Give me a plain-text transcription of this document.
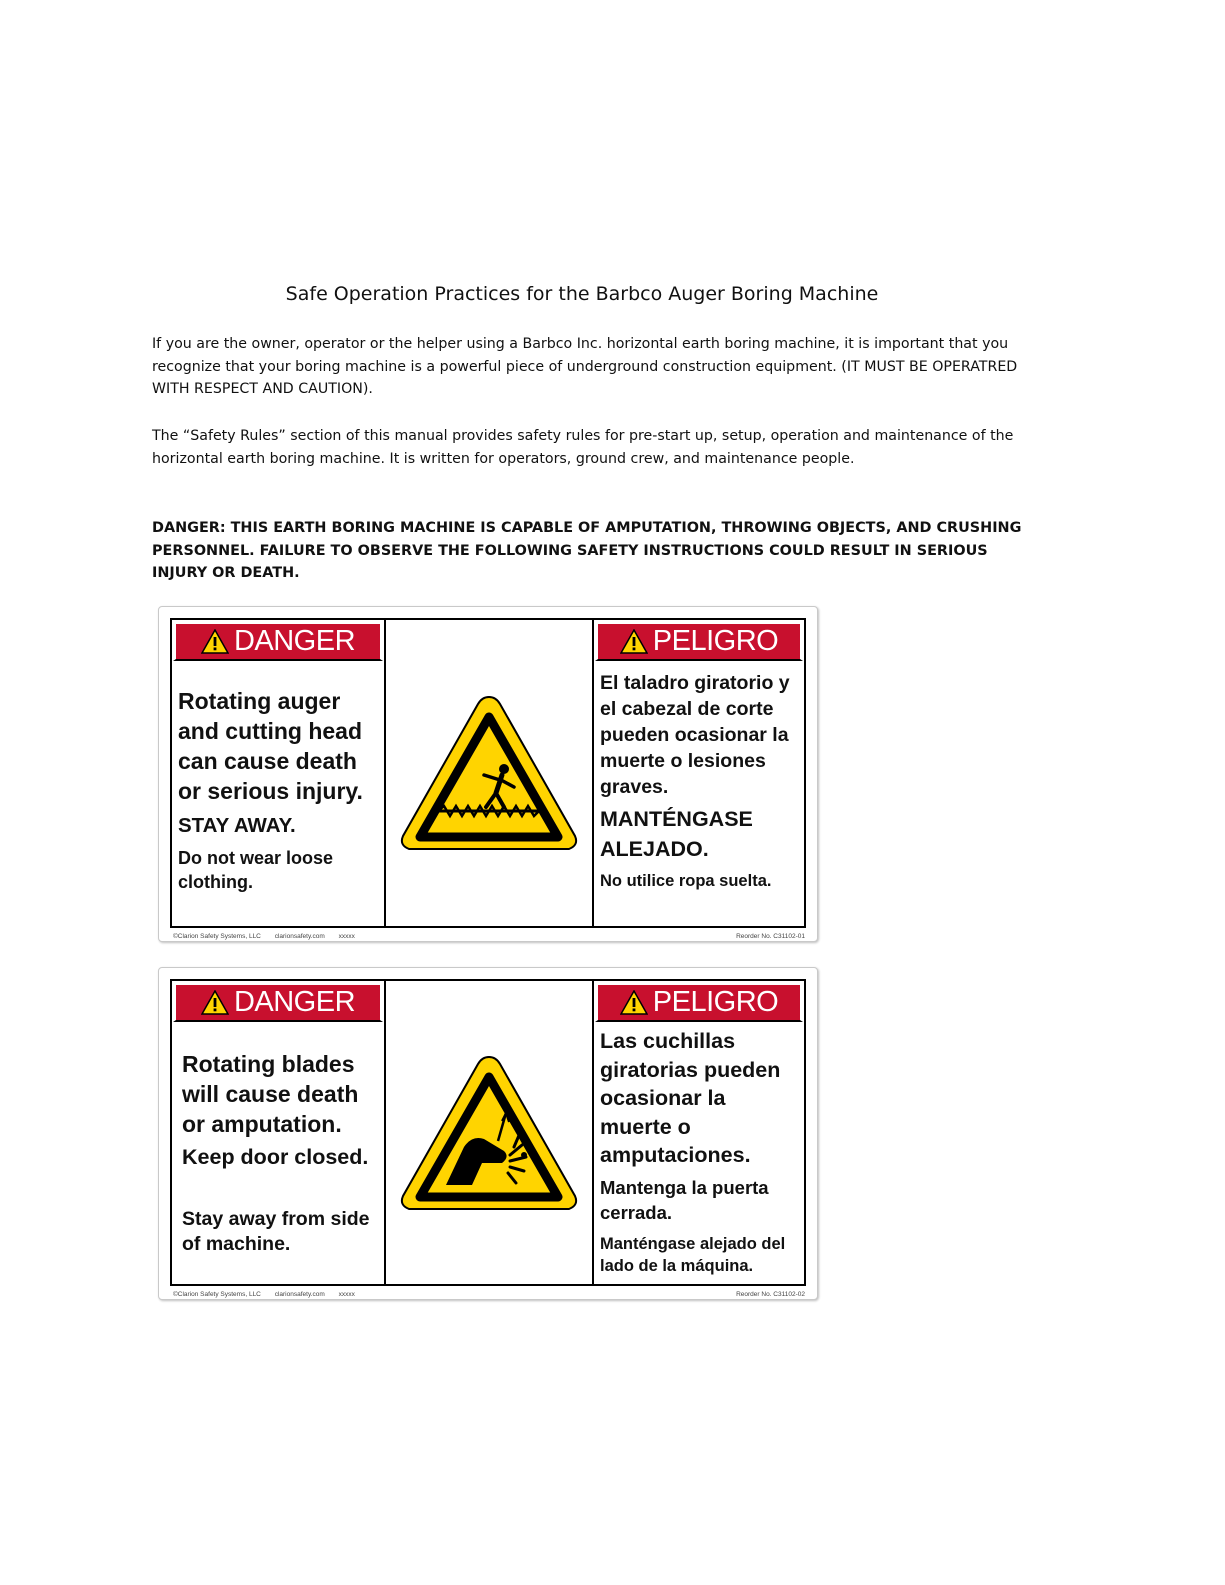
Safe Operation Practices for the Barbco Auger Boring Machine

If you are the owner, operator or the helper using a Barbco Inc. horizontal earth boring machine, it is important that you recognize that your boring machine is a powerful piece of underground construction equipment. (IT MUST BE OPERATRED WITH RESPECT AND CAUTION).

The “Safety Rules” section of this manual provides safety rules for pre-start up, setup, operation and maintenance of the horizontal earth boring machine. It is written for operators, ground crew, and maintenance people.

DANGER: THIS EARTH BORING MACHINE IS CAPABLE OF AMPUTATION, THROWING OBJECTS, AND CRUSHING PERSONNEL. FAILURE TO OBSERVE THE FOLLOWING SAFETY INSTRUCTIONS COULD RESULT IN SERIOUS INJURY OR DEATH.

DANGER
Rotating auger and cutting head can cause death or serious injury.
STAY AWAY.
Do not wear loose clothing.
PELIGRO
El taladro giratorio y el cabezal de corte pueden ocasionar la muerte o lesiones graves.
MANTÉNGASE ALEJADO.
No utilice ropa suelta.
©Clarion Safety Systems, LLC clarionsafety.com xxxxx	Reorder No. C31102-01
DANGER
Rotating blades will cause death or amputation.
Keep door closed.
Stay away from side of machine.
PELIGRO
Las cuchillas giratorias pueden ocasionar la muerte o amputaciones.
Mantenga la puerta cerrada.
Manténgase alejado del lado de la máquina.
©Clarion Safety Systems, LLC clarionsafety.com xxxxx	Reorder No. C31102-02
